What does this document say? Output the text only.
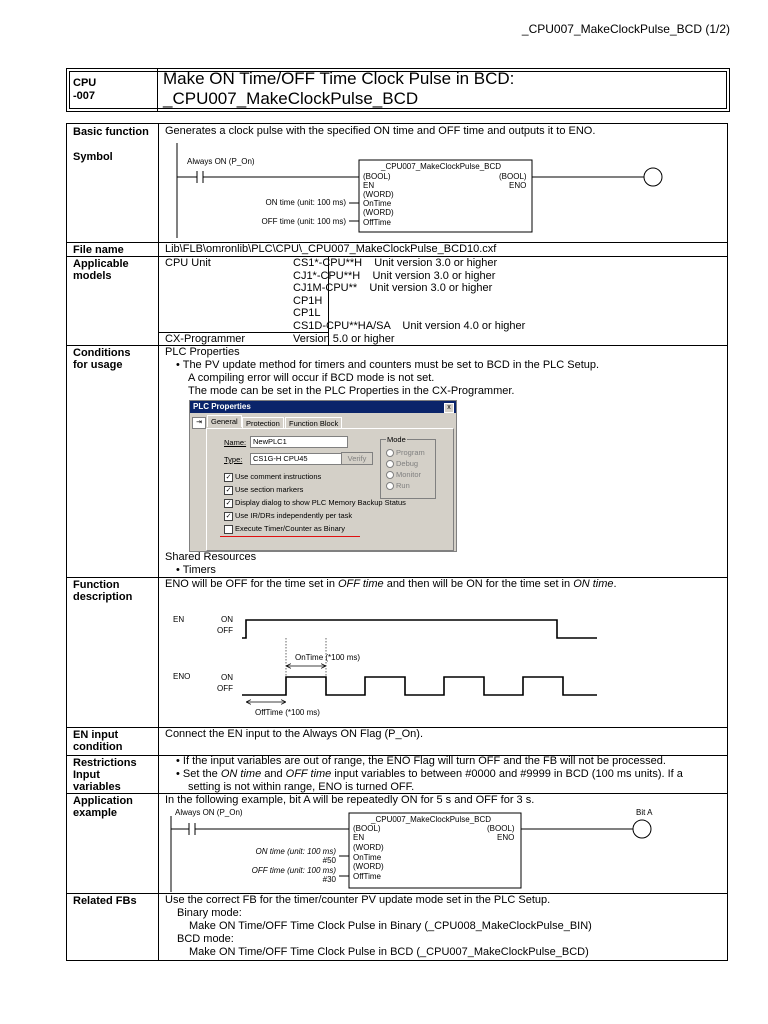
_CPU007_MakeClockPulse_BCD (1/2)
CPU
-007
Make ON Time/OFF Time Clock Pulse in BCD:
_CPU007_MakeClockPulse_BCD
Basic function
Symbol
File name
Applicable models
Conditions for usage
Function description
EN input condition
Restrictions Input variables
Application example
Related FBs
Generates a clock pulse with the specified ON time and OFF time and outputs it to ENO.
Always ON (P_On)
_CPU007_MakeClockPulse_BCD
(BOOL)
EN
(BOOL)
ENO
(WORD)
OnTime
(WORD)
OffTime
ON time (unit: 100 ms)
OFF time (unit: 100 ms)
Lib\FLB\omronlib\PLC\CPU\_CPU007_MakeClockPulse_BCD10.cxf
CPU Unit	CS1*-CPU**H    Unit version 3.0 or higher
CJ1*-CPU**H    Unit version 3.0 or higher
CJ1M-CPU**    Unit version 3.0 or higher
CP1H
CP1L
CS1D-CPU**HA/SA    Unit version 4.0 or higher
CX-Programmer	Version 5.0 or higher
PLC Properties
• The PV update method for timers and counters must be set to BCD in the PLC Setup.
A compiling error will occur if BCD mode is not set.
The mode can be set in the PLC Properties in the CX-Programmer.
PLC Properties	x
⇥	General	Protection	Function Block
Name: NewPLC1
Type:	CS1G-H CPU45	Verify
Mode
Program
Debug
Monitor
Run
✓ Use comment instructions
✓ Use section markers
✓ Display dialog to show PLC Memory Backup Status
✓ Use IR/DRs independently per task
Execute Timer/Counter as Binary
Shared Resources
• Timers
ENO will be OFF for the time set in OFF time and then will be ON for the time set in ON time.
EN	ON
OFF
ENO	ON
OFF
OnTime (*100 ms)
OffTime (*100 ms)
Connect the EN input to the Always ON Flag (P_On).
• If the input variables are out of range, the ENO Flag will turn OFF and the FB will not be processed.
• Set the ON time and OFF time input variables to between #0000 and #9999 in BCD (100 ms units). If a
setting is not within range, ENO is turned OFF.
In the following example, bit A will be repeatedly ON for 5 s and OFF for 3 s.
Always ON (P_On)	Bit A
_CPU007_MakeClockPulse_BCD
(BOOL)
EN
(BOOL)
ENO
(WORD)
OnTime
(WORD)
OffTime
ON time (unit: 100 ms)
#50
OFF time (unit: 100 ms)
#30
Use the correct FB for the timer/counter PV update mode set in the PLC Setup.
Binary mode:
Make ON Time/OFF Time Clock Pulse in Binary (_CPU008_MakeClockPulse_BIN)
BCD mode:
Make ON Time/OFF Time Clock Pulse in BCD (_CPU007_MakeClockPulse_BCD)
